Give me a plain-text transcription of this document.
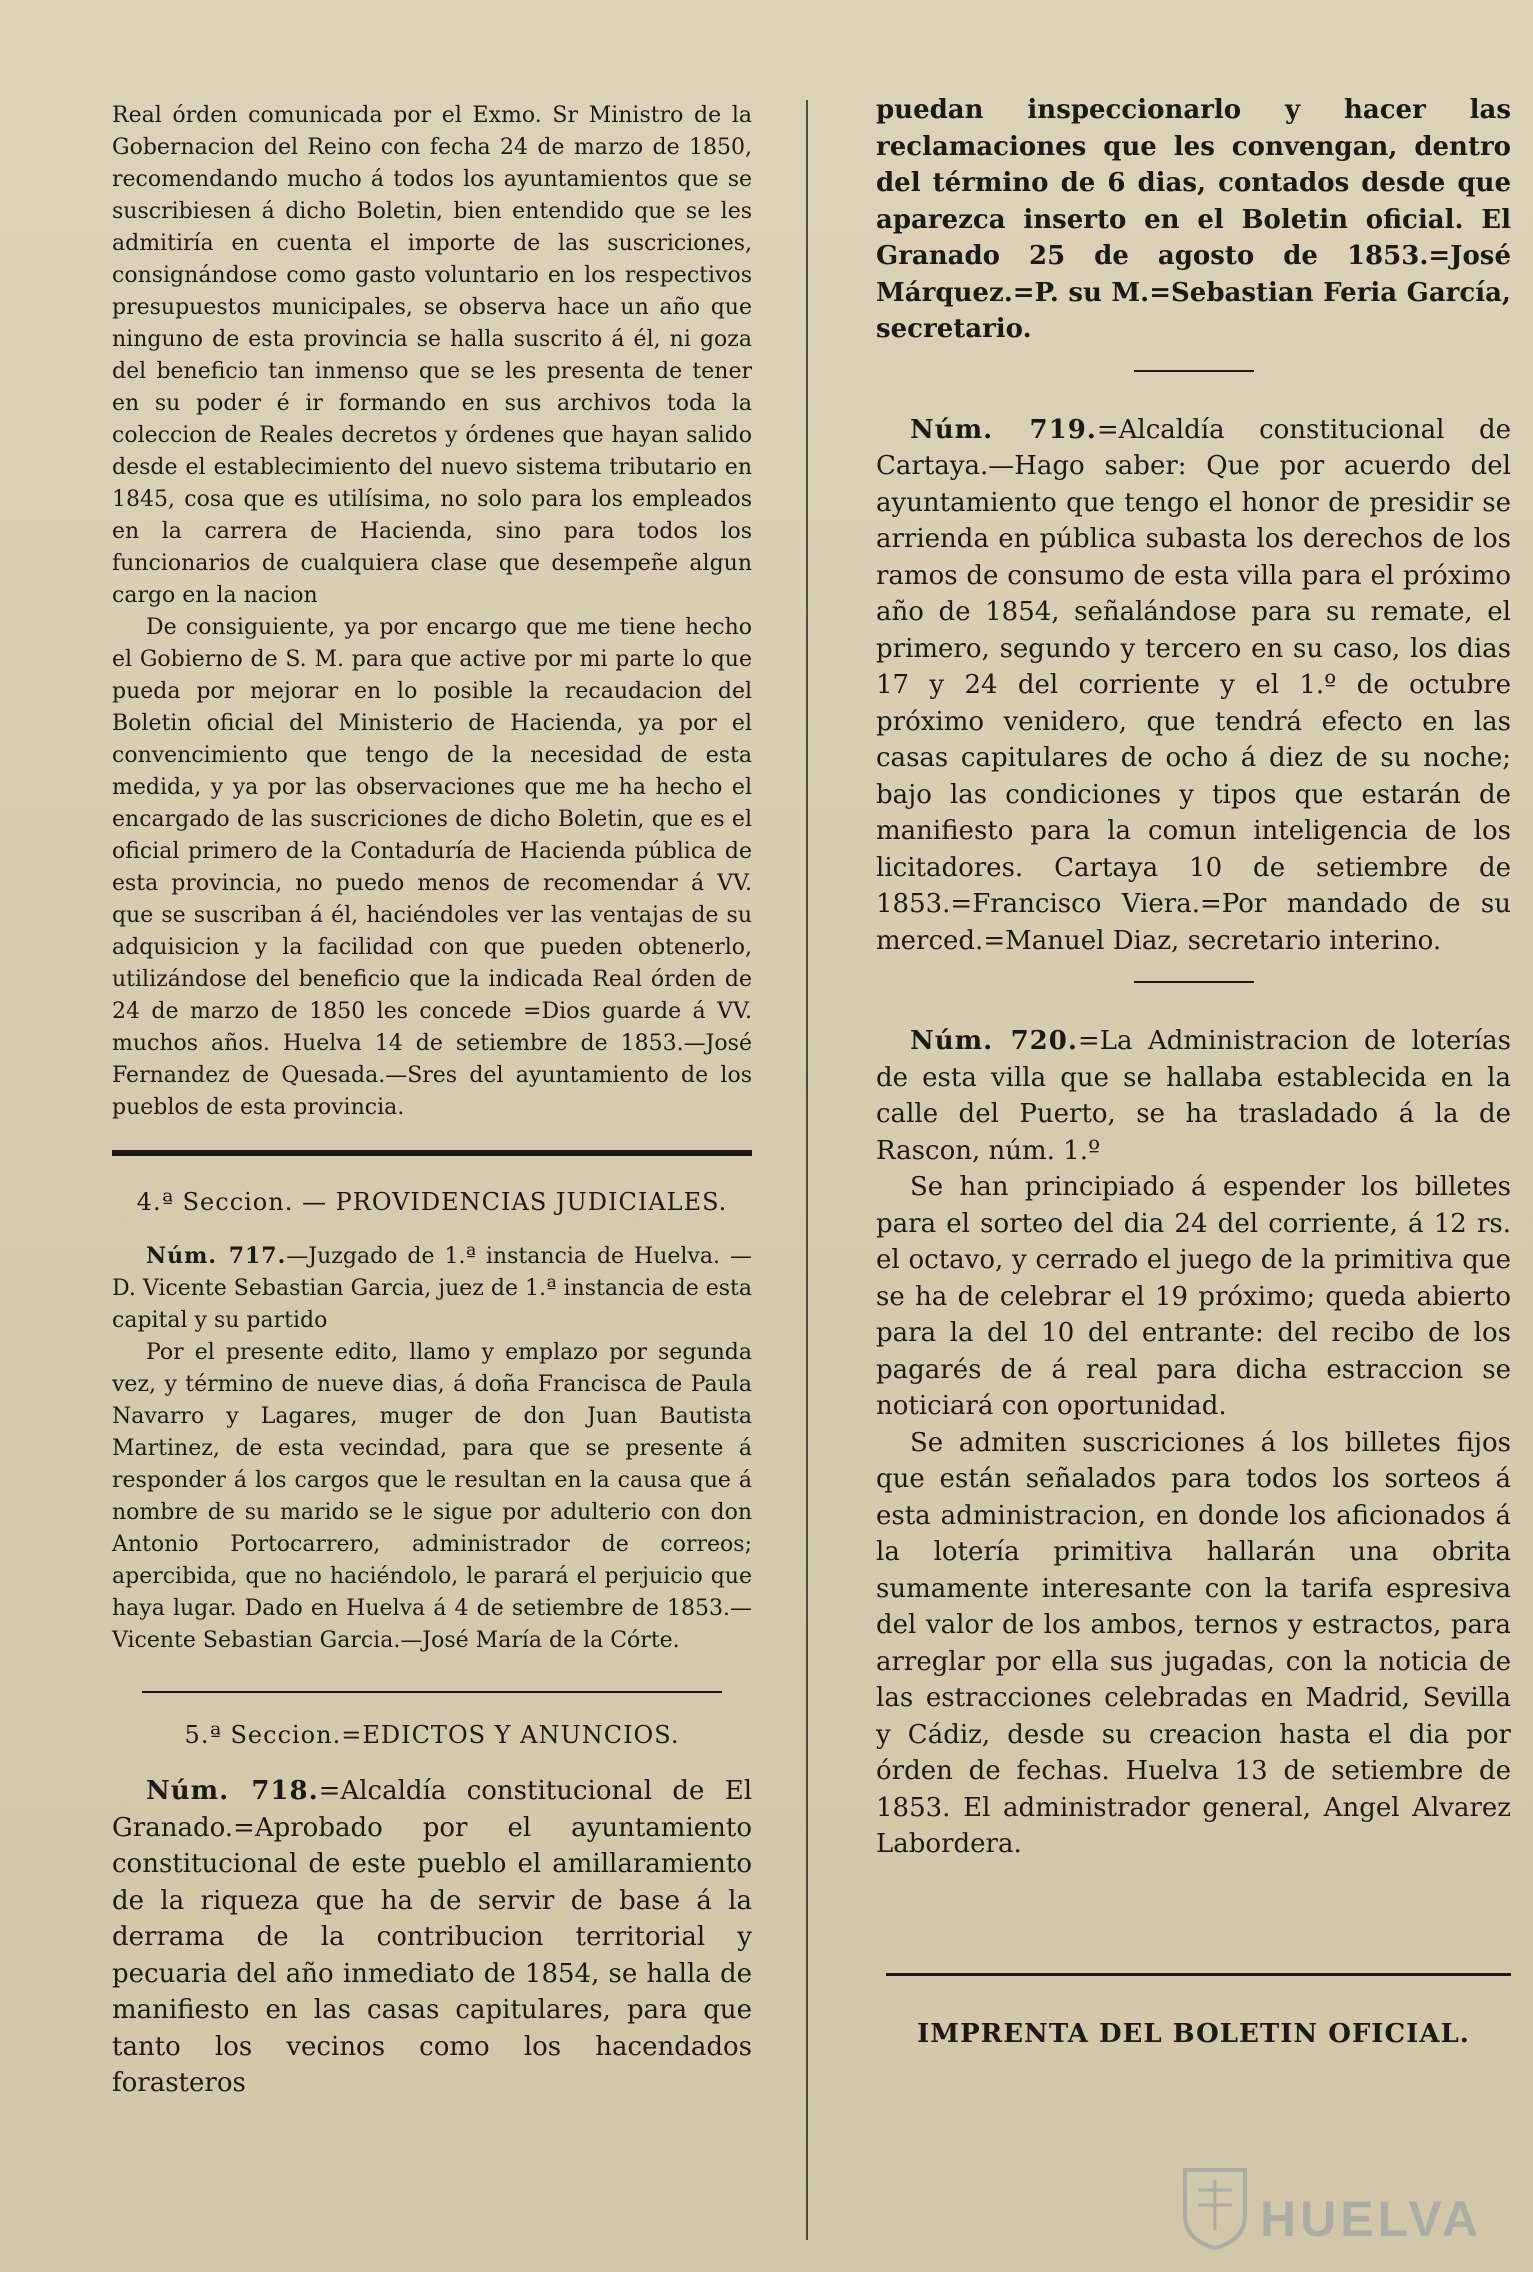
Real órden comunicada por el Exmo. Sr Ministro de la Gobernacion del Reino con fecha 24 de marzo de 1850, recomendando mucho á todos los ayuntamientos que se suscribiesen á dicho Boletin, bien entendido que se les admitiría en cuenta el importe de las suscriciones, consignándose como gasto voluntario en los respectivos presupuestos municipales, se observa hace un año que ninguno de esta provincia se halla suscrito á él, ni goza del beneficio tan inmenso que se les presenta de tener en su poder é ir formando en sus archivos toda la coleccion de Reales decretos y órdenes que hayan salido desde el establecimiento del nuevo sistema tributario en 1845, cosa que es utilísima, no solo para los empleados en la carrera de Hacienda, sino para todos los funcionarios de cualquiera clase que desempeñe algun cargo en la nacion

De consiguiente, ya por encargo que me tiene hecho el Gobierno de S. M. para que active por mi parte lo que pueda por mejorar en lo posible la recaudacion del Boletin oficial del Ministerio de Hacienda, ya por el convencimiento que tengo de la necesidad de esta medida, y ya por las observaciones que me ha hecho el encargado de las suscriciones de dicho Boletin, que es el oficial primero de la Contaduría de Hacienda pública de esta provincia, no puedo menos de recomendar á VV. que se suscriban á él, haciéndoles ver las ventajas de su adquisicion y la facilidad con que pueden obtenerlo, utilizándose del beneficio que la indicada Real órden de 24 de marzo de 1850 les concede =Dios guarde á VV. muchos años. Huelva 14 de setiembre de 1853.—José Fernandez de Quesada.—Sres del ayuntamiento de los pueblos de esta provincia.

4.ª Seccion. — PROVIDENCIAS JUDICIALES.

Núm. 717.—Juzgado de 1.ª instancia de Huelva. —D. Vicente Sebastian Garcia, juez de 1.ª instancia de esta capital y su partido

Por el presente edito, llamo y emplazo por segunda vez, y término de nueve dias, á doña Francisca de Paula Navarro y Lagares, muger de don Juan Bautista Martinez, de esta vecindad, para que se presente á responder á los cargos que le resultan en la causa que á nombre de su marido se le sigue por adulterio con don Antonio Portocarrero, administrador de correos; apercibida, que no haciéndolo, le parará el perjuicio que haya lugar. Dado en Huelva á 4 de setiembre de 1853.—Vicente Sebastian Garcia.—José María de la Córte.

5.ª Seccion.=EDICTOS Y ANUNCIOS.

Núm. 718.=Alcaldía constitucional de El Granado.=Aprobado por el ayuntamiento constitucional de este pueblo el amillaramiento de la riqueza que ha de servir de base á la derrama de la contribucion territorial y pecuaria del año inmediato de 1854, se halla de manifiesto en las casas capitulares, para que tanto los vecinos como los hacendados forasteros

puedan inspeccionarlo y hacer las reclamaciones que les convengan, dentro del término de 6 dias, contados desde que aparezca inserto en el Boletin oficial. El Granado 25 de agosto de 1853.=José Márquez.=P. su M.=Sebastian Feria García, secretario.

Núm. 719.=Alcaldía constitucional de Cartaya.—Hago saber: Que por acuerdo del ayuntamiento que tengo el honor de presidir se arrienda en pública subasta los derechos de los ramos de consumo de esta villa para el próximo año de 1854, señalándose para su remate, el primero, segundo y tercero en su caso, los dias 17 y 24 del corriente y el 1.º de octubre próximo venidero, que tendrá efecto en las casas capitulares de ocho á diez de su noche; bajo las condiciones y tipos que estarán de manifiesto para la comun inteligencia de los licitadores. Cartaya 10 de setiembre de 1853.=Francisco Viera.=Por mandado de su merced.=Manuel Diaz, secretario interino.

Núm. 720.=La Administracion de loterías de esta villa que se hallaba establecida en la calle del Puerto, se ha trasladado á la de Rascon, núm. 1.º

Se han principiado á espender los billetes para el sorteo del dia 24 del corriente, á 12 rs. el octavo, y cerrado el juego de la primitiva que se ha de celebrar el 19 próximo; queda abierto para la del 10 del entrante: del recibo de los pagarés de á real para dicha estraccion se noticiará con oportunidad.

Se admiten suscriciones á los billetes fijos que están señalados para todos los sorteos á esta administracion, en donde los aficionados á la lotería primitiva hallarán una obrita sumamente interesante con la tarifa espresiva del valor de los ambos, ternos y estractos, para arreglar por ella sus jugadas, con la noticia de las estracciones celebradas en Madrid, Sevilla y Cádiz, desde su creacion hasta el dia por órden de fechas. Huelva 13 de setiembre de 1853. El administrador general, Angel Alvarez Labordera.

IMPRENTA DEL BOLETIN OFICIAL.
HUELVA
